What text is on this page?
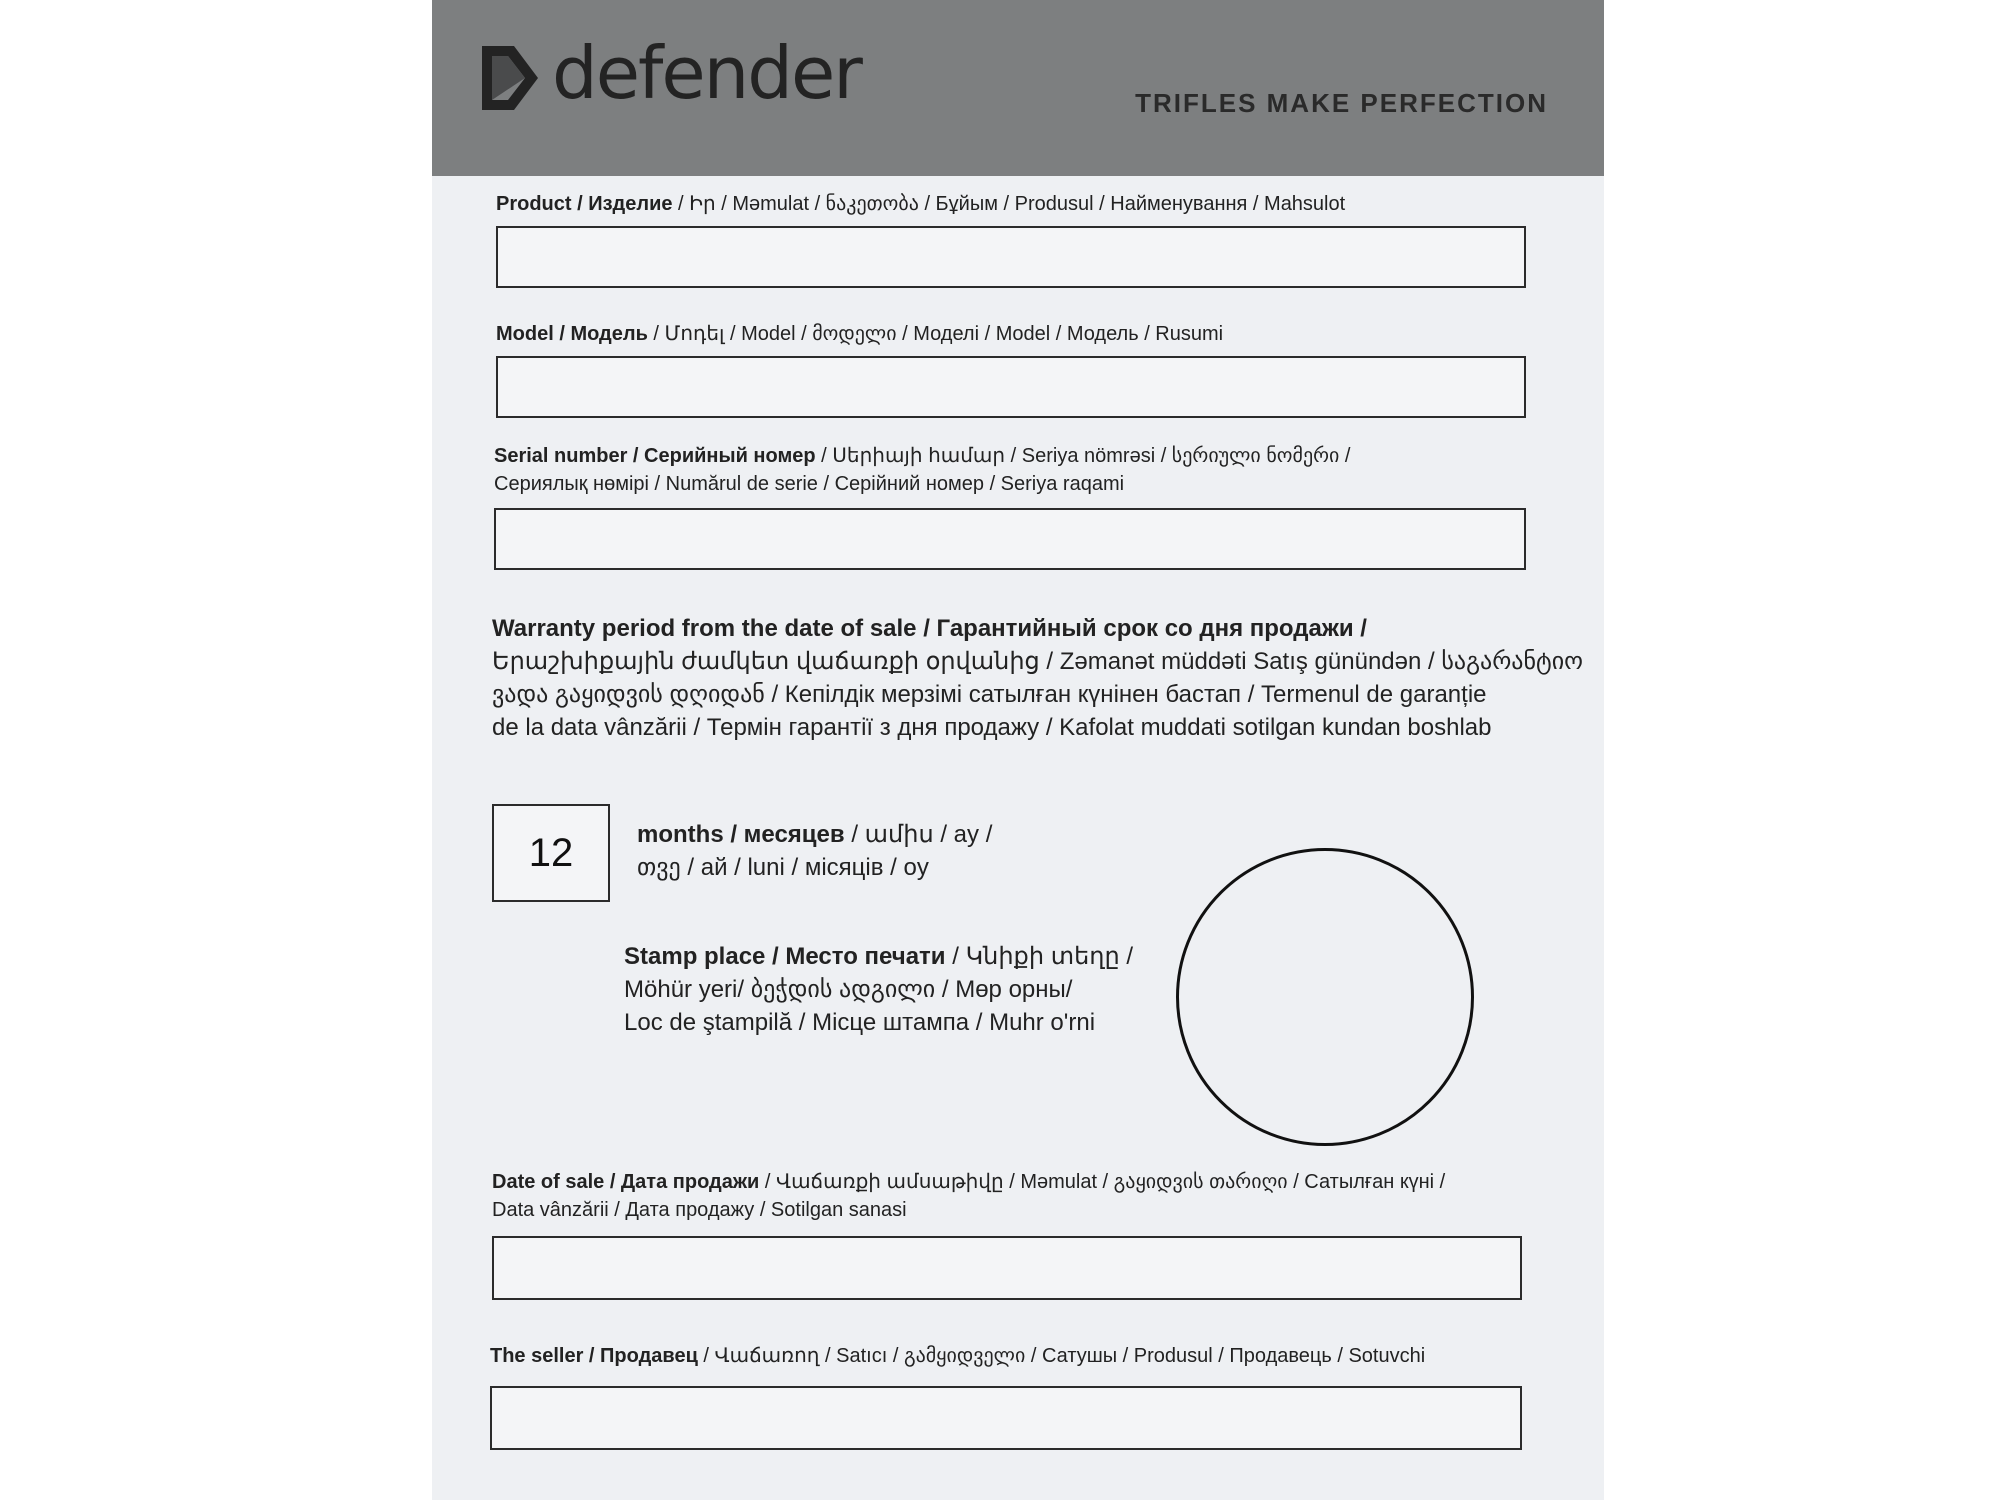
defender	TRIFLES MAKE PERFECTION
Product / Изделие / Իր / Məmulat / ნაკეთობა / Бұйым / Produsul / Найменування / Mahsulot
Model / Модель / Մոդել / Model / მოდელი / Моделі / Model / Модель / Rusumi
Serial number / Серийный номер / Սերիայի համար / Seriya nömrəsi / სერიული ნომერი /
Сериялық нөмірі / Numărul de serie / Серійний номер / Seriya raqami
Warranty period from the date of sale / Гарантийный срок со дня продажи /
Երաշխիքային ժամկետ վաճառքի օրվանից / Zəmanət müddəti Satış günündən / საგარანტიო
ვადა გაყიდვის დღიდან / Кепілдік мерзімі сатылған күнінен бастап / Termenul de garanție
de la data vânzării / Термін гарантії з дня продажу / Kafolat muddati sotilgan kundan boshlab
12	months / месяцев / ամիս / ay /
თვე / ай / luni / місяців / oy
Stamp place / Место печати / Կնիքի տեղը /
Möhür yeri/ ბეჭდის ადგილი / Мөр орны/
Loc de ştampilă / Місце штампа / Muhr o'rni
Date of sale / Дата продажи / Վաճառքի ամսաթիվը / Məmulat / გაყიდვის თარიღი / Сатылған күні /
Data vânzării / Дата продажу / Sotilgan sanasi
The seller / Продавец / Վաճառող / Satıcı / გამყიდველი / Сатушы / Produsul / Продавець / Sotuvchi
